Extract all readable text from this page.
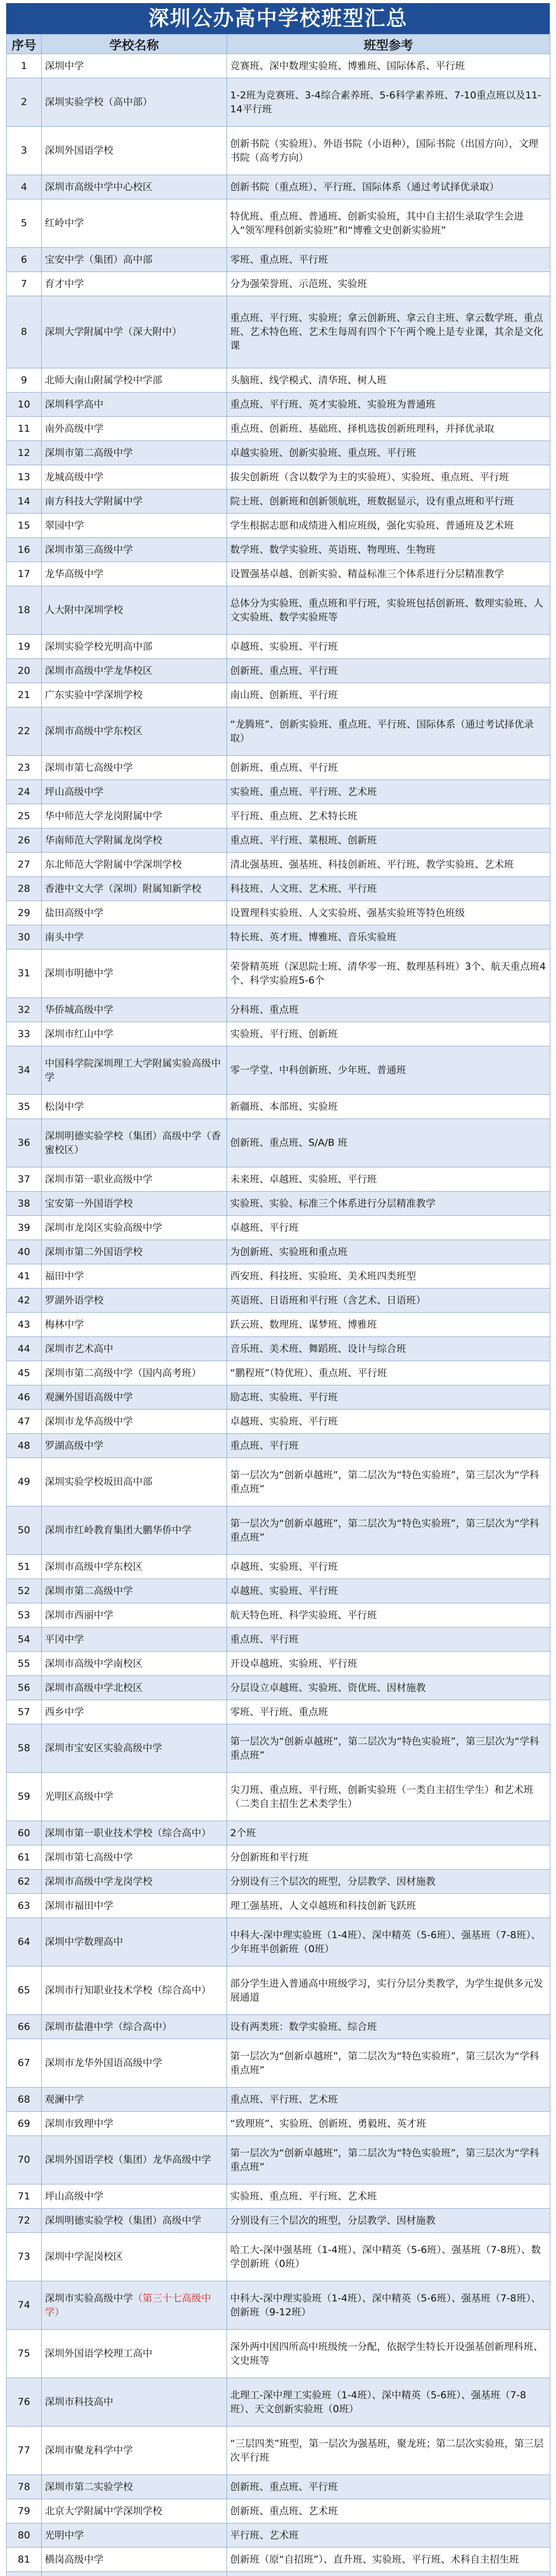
深圳公办高中学校班型汇总
序号	学校名称	班型参考
1	深圳中学	竞赛班、深中数理实验班、博雅班、国际体系、平行班
2	深圳实验学校（高中部）	1-2班为竞赛班、3-4综合素养班、5-6科学素养班、7-10重点班以及11-14平行班
3	深圳外国语学校	创新书院（实验班）、外语书院（小语种），国际书院（出国方向），文理书院（高考方向）
4	深圳市高级中学中心校区	创新书院（重点班）、平行班、国际体系（通过考试择优录取）
5	红岭中学	特优班、重点班、普通班、创新实验班，其中自主招生录取学生会进入“领军理科创新实验班”和“博雅文史创新实验班”
6	宝安中学（集团）高中部	零班、重点班、平行班
7	育才中学	分为强荣誉班、示范班、实验班
8	深圳大学附属中学（深大附中）	重点班、平行班、实验班；拿云创新班、拿云自主班、拿云数学班、重点班、艺术特色班、艺术生每周有四个下午两个晚上是专业课，其余是文化课
9	北师大南山附属学校中学部	头脑班、线学模式、清华班、树人班
10	深圳科学高中	重点班、平行班、英才实验班、实验班为普通班
11	南外高级中学	重点班、创新班、基础班、择机选拔创新班理科，并择优录取
12	深圳市第二高级中学	卓越实验班、创新实验班、重点班、平行班
13	龙城高级中学	拔尖创新班（含以数学为主的实验班）、实验班、重点班、平行班
14	南方科技大学附属中学	院士班、创新班和创新领航班，班数据显示，设有重点班和平行班
15	翠园中学	学生根据志愿和成绩进入相应班级，强化实验班、普通班及艺术班
16	深圳市第三高级中学	数学班、数学实验班、英语班、物理班、生物班
17	龙华高级中学	设置强基卓越、创新实验、精益标准三个体系进行分层精准教学
18	人大附中深圳学校	总体分为实验班、重点班和平行班，实验班包括创新班、数理实验班、人文实验班、数学实验班等
19	深圳实验学校光明高中部	卓越班、实验班、平行班
20	深圳市高级中学龙华校区	创新班、重点班、平行班
21	广东实验中学深圳学校	南山班、创新班、平行班
22	深圳市高级中学东校区	“龙腾班”、创新实验班、重点班、平行班、国际体系（通过考试择优录取）
23	深圳市第七高级中学	创新班、重点班、平行班
24	坪山高级中学	实验班、重点班、平行班、艺术班
25	华中师范大学龙岗附属中学	平行班、重点班、艺术特长班
26	华南师范大学附属龙岗学校	重点班、平行班、菜根班、创新班
27	东北师范大学附属中学深圳学校	清北强基班、强基班、科技创新班、平行班、教学实验班、艺术班
28	香港中文大学（深圳）附属知新学校	科技班、人文班、艺术班、平行班
29	盐田高级中学	设置理科实验班、人文实验班、强基实验班等特色班级
30	南头中学	特长班、英才班、博雅班、音乐实验班
31	深圳市明德中学	荣誉精英班（深思院士班、清华零一班、数理基科班）3个、航天重点班4个、科学实验班5-6个
32	华侨城高级中学	分科班、重点班
33	深圳市红山中学	实验班、平行班、创新班
34	中国科学院深圳理工大学附属实验高级中学	零一学堂、中科创新班、少年班、普通班
35	松岗中学	新疆班、本部班、实验班
36	深圳明德实验学校（集团）高级中学（香蜜校区）	创新班、重点班、S/A/B 班
37	深圳市第一职业高级中学	未来班、卓越班、实验班、平行班
38	宝安第一外国语学校	实验班、实验、标准三个体系进行分层精准教学
39	深圳市龙岗区实验高级中学	卓越班、平行班
40	深圳市第二外国语学校	为创新班、实验班和重点班
41	福田中学	西安班、科技班、实验班、美术班四类班型
42	罗湖外语学校	英语班、日语班和平行班（含艺术、日语班）
43	梅林中学	跃云班、数理班、谋梦班、博雅班
44	深圳市艺术高中	音乐班、美术班、舞蹈班、设计与综合班
45	深圳市第二高级中学（国内高考班）	“鹏程班”（特优班）、重点班、平行班
46	观澜外国语高级中学	励志班、实验班、平行班
47	深圳市龙华高级中学	卓越班、实验班、平行班
48	罗湖高级中学	重点班、平行班
49	深圳实验学校坂田高中部	第一层次为“创新卓越班”，第二层次为“特色实验班”，第三层次为“学科重点班”
50	深圳市红岭教育集团大鹏华侨中学	第一层次为“创新卓越班”，第二层次为“特色实验班”，第三层次为“学科重点班”
51	深圳市高级中学东校区	卓越班、实验班、平行班
52	深圳市第二高级中学	卓越班、实验班、平行班
53	深圳市西丽中学	航天特色班、科学实验班、平行班
54	平冈中学	重点班、平行班
55	深圳市高级中学南校区	开设卓越班、实验班、平行班
56	深圳市高级中学北校区	分层设立卓越班、实验班、资优班、因材施教
57	西乡中学	零班、平行班、重点班
58	深圳市宝安区实验高级中学	第一层次为“创新卓越班”，第二层次为“特色实验班”，第三层次为“学科重点班”
59	光明区高级中学	尖刀班、重点班、平行班、创新实验班（一类自主招生学生）和艺术班（二类自主招生艺术类学生）
60	深圳市第一职业技术学校（综合高中）	2个班
61	深圳市第七高级中学	分创新班和平行班
62	深圳市高级中学龙岗学校	分别设有三个层次的班型，分层教学、因材施教
63	深圳市福田中学	理工强基班、人文卓越班和科技创新飞跃班
64	深圳中学数理高中	中科大-深中理实验班（1-4班）、深中精英（5-6班）、强基班（7-8班）、少年班半创新班（0班）
65	深圳市行知职业技术学校（综合高中）	部分学生进入普通高中班级学习，实行分层分类教学，为学生提供多元发展通道
66	深圳市盐港中学（综合高中）	设有两类班：数学实验班、综合班
67	深圳市龙华外国语高级中学	第一层次为“创新卓越班”，第二层次为“特色实验班”，第三层次为“学科重点班”
68	观澜中学	重点班、平行班、艺术班
69	深圳市致理中学	“致理班”、实验班、创新班、勇毅班、英才班
70	深圳外国语学校（集团）龙华高级中学	第一层次为“创新卓越班”，第二层次为“特色实验班”，第三层次为“学科重点班”
71	坪山高级中学	实验班、重点班、平行班、艺术班
72	深圳明德实验学校（集团）高级中学	分别设有三个层次的班型，分层教学、因材施教
73	深圳中学泥岗校区	哈工大-深中强基班（1-4班）、深中精英（5-6班）、强基班（7-8班）、数学创新班（0班）
74	深圳市实验高级中学（第三十七高级中学）	中科大-深中理实验班（1-4班）、深中精英（5-6班）、强基班（7-8班）、创新班（9-12班）
75	深圳外国语学校理工高中	深外两中因四所高中班级统一分配，依据学生特长开设强基创新理科班、文史班等
76	深圳市科技高中	北理工-深中理工实验班（1-4班）、深中精英（5-6班）、强基班（7-8班）、天文创新实验班（0班）
77	深圳市聚龙科学中学	“三层四类”班型，第一层次为强基班，聚龙班；第二层次实验班，第三层次平行班
78	深圳市第二实验学校	创新班、重点班、平行班
79	北京大学附属中学深圳学校	创新班、重点班、艺术班
80	光明中学	平行班、艺术班
81	横岗高级中学	创新班（原“自招班”）、直升班、实验班、平行班、术科自主招生班
